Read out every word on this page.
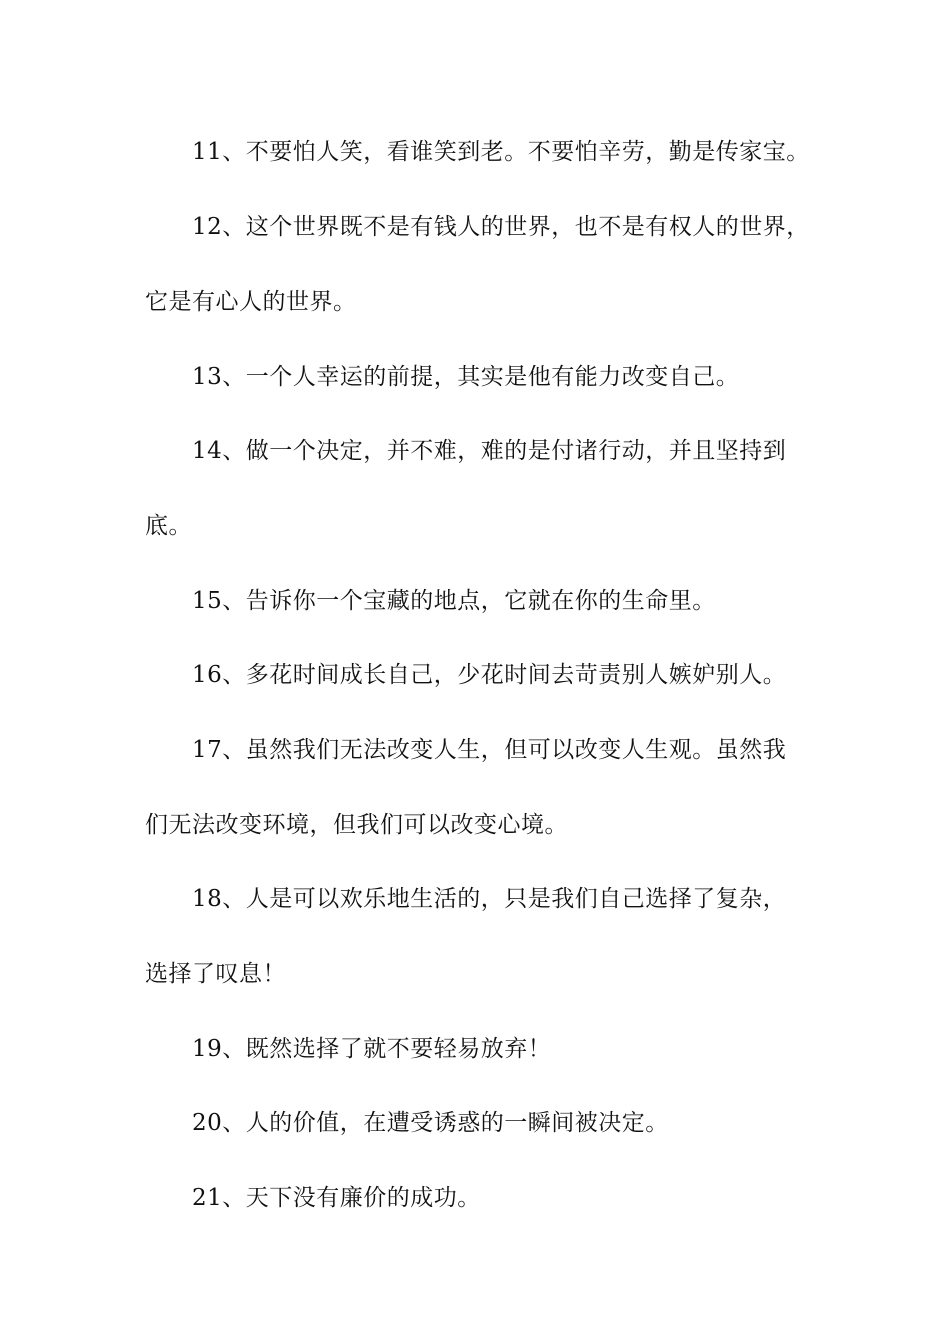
11、不要怕人笑，看谁笑到老。不要怕辛劳，勤是传家宝。
12、这个世界既不是有钱人的世界，也不是有权人的世界，
它是有心人的世界。
13、一个人幸运的前提，其实是他有能力改变自己。
14、做一个决定，并不难，难的是付诸行动，并且坚持到
底。
15、告诉你一个宝藏的地点，它就在你的生命里。
16、多花时间成长自己，少花时间去苛责别人嫉妒别人。
17、虽然我们无法改变人生，但可以改变人生观。虽然我
们无法改变环境，但我们可以改变心境。
18、人是可以欢乐地生活的，只是我们自己选择了复杂，
选择了叹息！
19、既然选择了就不要轻易放弃！
20、人的价值，在遭受诱惑的一瞬间被决定。
21、天下没有廉价的成功。
